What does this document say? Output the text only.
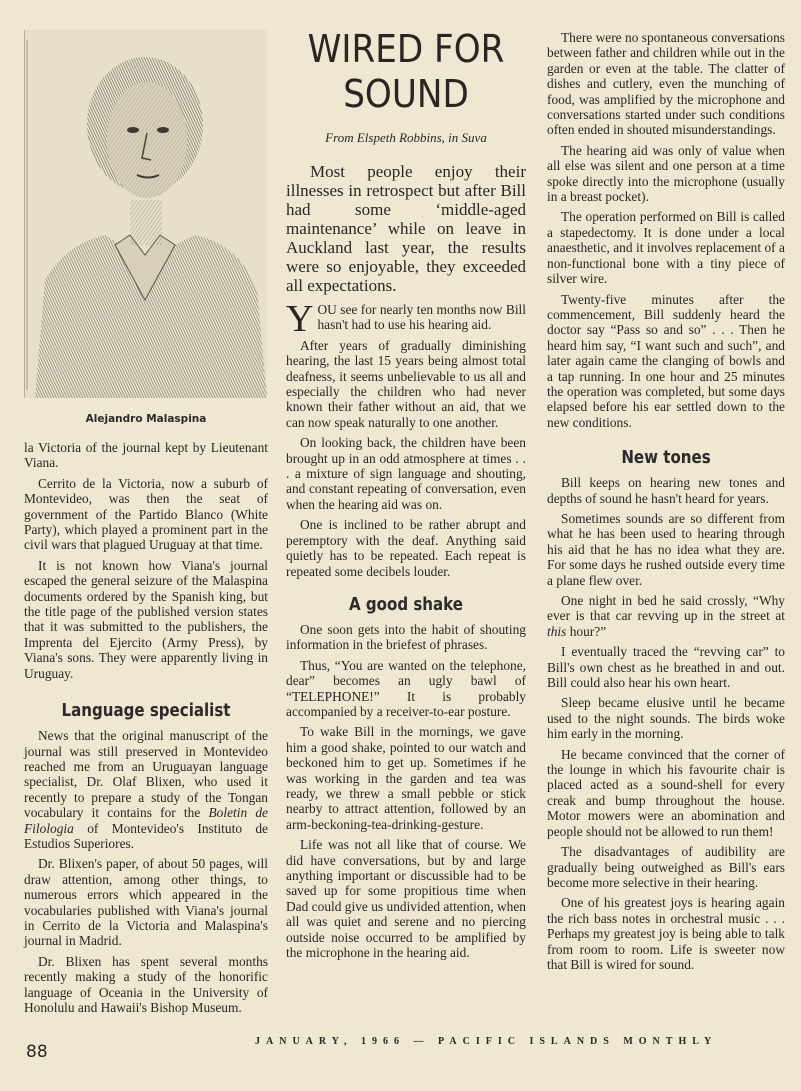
Alejandro Malaspina

la Victoria of the journal kept by Lieutenant Viana.

Cerrito de la Victoria, now a suburb of Montevideo, was then the seat of government of the Partido Blanco (White Party), which played a prominent part in the civil wars that plagued Uruguay at that time.

It is not known how Viana's journal escaped the general seizure of the Malaspina documents ordered by the Spanish king, but the title page of the published version states that it was submitted to the publishers, the Imprenta del Ejercito (Army Press), by Viana's sons. They were apparently living in Uruguay.

Language specialist

News that the original manuscript of the journal was still preserved in Montevideo reached me from an Uruguayan language specialist, Dr. Olaf Blixen, who used it recently to prepare a study of the Tongan vocabulary it contains for the Boletin de Filologia of Montevideo's Instituto de Estudios Superiores.

Dr. Blixen's paper, of about 50 pages, will draw attention, among other things, to numerous errors which appeared in the vocabularies published with Viana's journal in Cerrito de la Victoria and Malaspina's journal in Madrid.

Dr. Blixen has spent several months recently making a study of the honorific language of Oceania in the University of Honolulu and Hawaii's Bishop Museum.

WIRED FOR SOUND
From Elspeth Robbins, in Suva

Most people enjoy their illnesses in retrospect but after Bill had some ‘middle-aged maintenance’ while on leave in Auckland last year, the results were so enjoyable, they exceeded all expectations.

YOU see for nearly ten months now Bill hasn't had to use his hearing aid.

After years of gradually diminishing hearing, the last 15 years being almost total deafness, it seems unbelievable to us all and especially the children who had never known their father without an aid, that we can now speak naturally to one another.

On looking back, the children have been brought up in an odd atmosphere at times . . . a mixture of sign language and shouting, and constant repeating of conversation, even when the hearing aid was on.

One is inclined to be rather abrupt and peremptory with the deaf. Anything said quietly has to be repeated. Each repeat is repeated some decibels louder.

A good shake

One soon gets into the habit of shouting information in the briefest of phrases.

Thus, “You are wanted on the telephone, dear” becomes an ugly bawl of “TELEPHONE!” It is probably accompanied by a receiver-to-ear posture.

To wake Bill in the mornings, we gave him a good shake, pointed to our watch and beckoned him to get up. Sometimes if he was working in the garden and tea was ready, we threw a small pebble or stick nearby to attract attention, followed by an arm-beckoning-tea-drinking-gesture.

Life was not all like that of course. We did have conversations, but by and large anything important or discussible had to be saved up for some propitious time when Dad could give us undivided attention, when all was quiet and serene and no piercing outside noise occurred to be amplified by the microphone in the hearing aid.

There were no spontaneous conversations between father and children while out in the garden or even at the table. The clatter of dishes and cutlery, even the munching of food, was amplified by the microphone and conversations started under such conditions often ended in shouted misunderstandings.

The hearing aid was only of value when all else was silent and one person at a time spoke directly into the microphone (usually in a breast pocket).

The operation performed on Bill is called a stapedectomy. It is done under a local anaesthetic, and it involves replacement of a non-functional bone with a tiny piece of silver wire.

Twenty-five minutes after the commencement, Bill suddenly heard the doctor say “Pass so and so” . . . Then he heard him say, “I want such and such”, and later again came the clanging of bowls and a tap running. In one hour and 25 minutes the operation was completed, but some days elapsed before his ear settled down to the new conditions.

New tones

Bill keeps on hearing new tones and depths of sound he hasn't heard for years.

Sometimes sounds are so different from what he has been used to hearing through his aid that he has no idea what they are. For some days he rushed outside every time a plane flew over.

One night in bed he said crossly, “Why ever is that car revving up in the street at this hour?”

I eventually traced the “revving car” to Bill's own chest as he breathed in and out. Bill could also hear his own heart.

Sleep became elusive until he became used to the night sounds. The birds woke him early in the morning.

He became convinced that the corner of the lounge in which his favourite chair is placed acted as a sound-shell for every creak and bump throughout the house. Motor mowers were an abomination and people should not be allowed to run them!

The disadvantages of audibility are gradually being outweighed as Bill's ears become more selective in their hearing.

One of his greatest joys is hearing again the rich bass notes in orchestral music . . . Perhaps my greatest joy is being able to talk from room to room. Life is sweeter now that Bill is wired for sound.

88
JANUARY, 1966 — PACIFIC ISLANDS MONTHLY
